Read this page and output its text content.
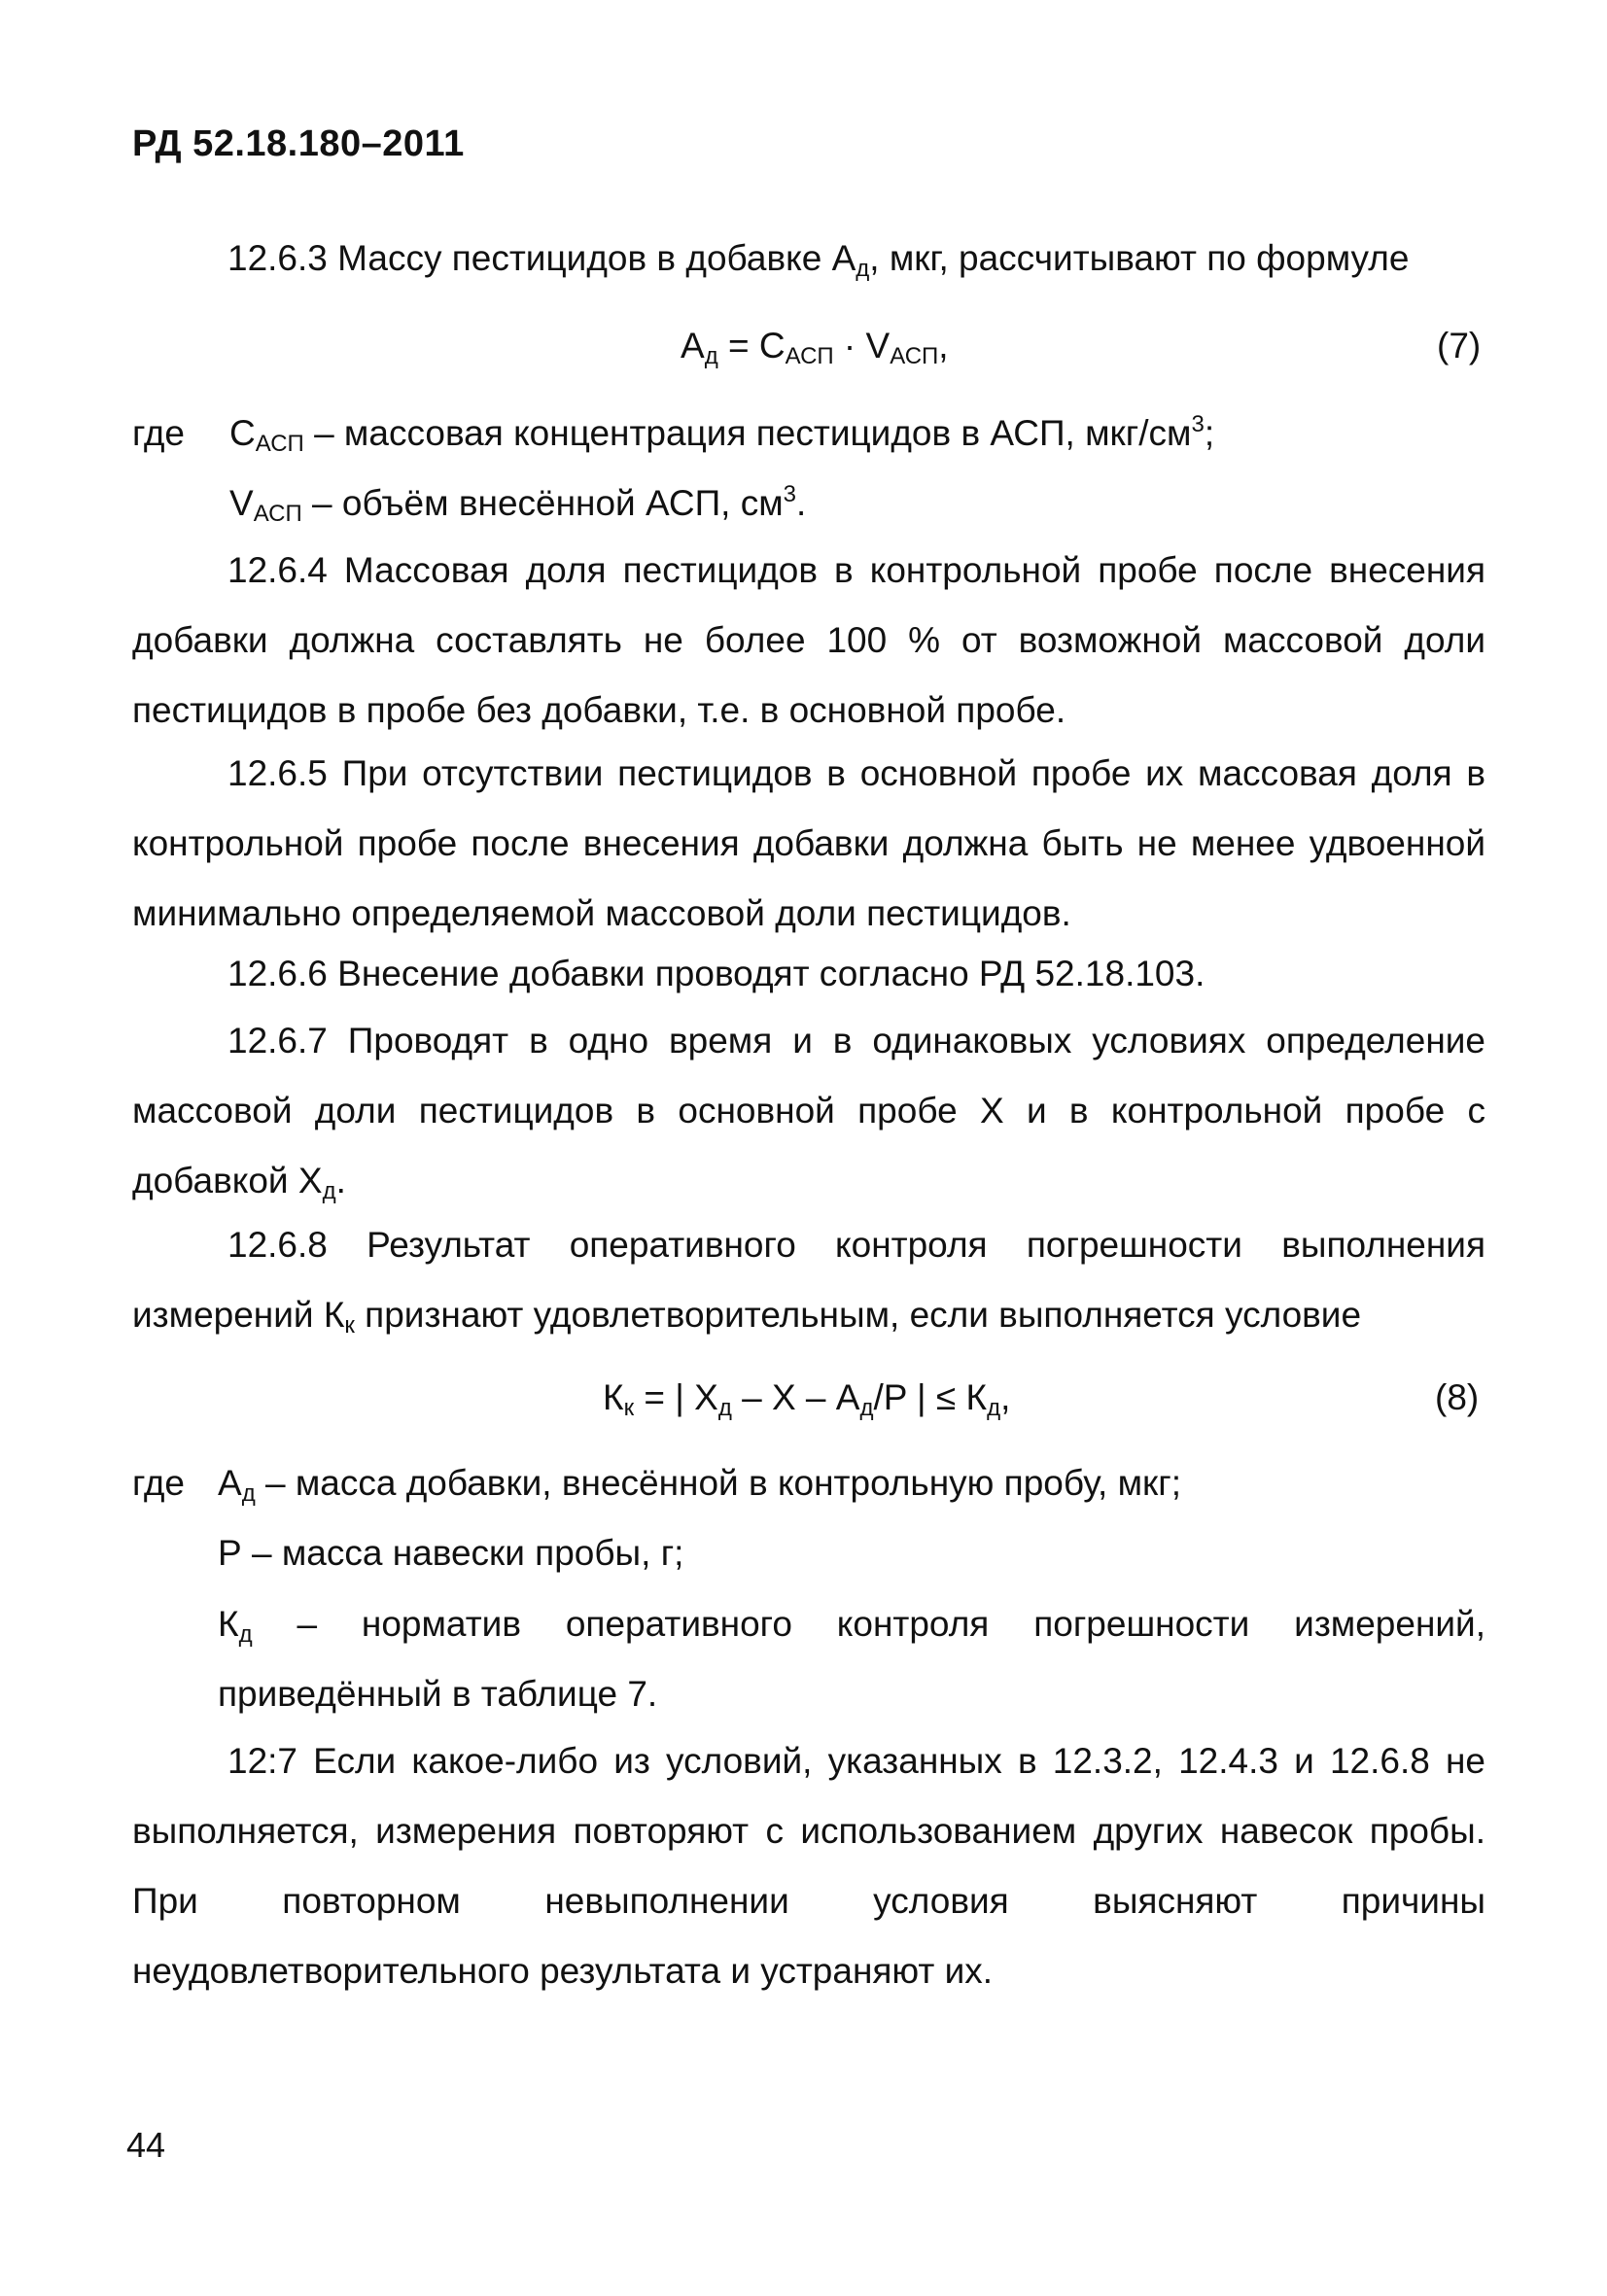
РД 52.18.180–2011
12.6.3 Массу пестицидов в добавке $А_д$, мкг, рассчитывают по формуле
$А_д = С_{АСП} \cdot V_{АСП}$,	(7)
где $С_{АСП}$ – массовая концентрация пестицидов в АСП, мкг/$см^3$;
$V_{АСП}$ – объём внесённой АСП, $см^3$.
12.6.4 Массовая доля пестицидов в контрольной пробе после внесения добавки должна составлять не более 100 % от возможной массовой доли пестицидов в пробе без добавки, т.е. в основной пробе.
12.6.5 При отсутствии пестицидов в основной пробе их массовая доля в контрольной пробе после внесения добавки должна быть не менее удвоенной минимально определяемой массовой доли пестицидов.
12.6.6 Внесение добавки проводят согласно РД 52.18.103.
12.6.7 Проводят в одно время и в одинаковых условиях определение массовой доли пестицидов в основной пробе X и в контрольной пробе с добавкой $X_д$.
12.6.8 Результат оперативного контроля погрешности выполнения измерений $К_к$ признают удовлетворительным, если выполняется условие
$К_к$ = | $X_д$ – X – $А_д/P$ | ≤ $К_д$,	(8)
где $А_д$ – масса добавки, внесённой в контрольную пробу, мкг;
Р – масса навески пробы, г;
$К_д$ – норматив оперативного контроля погрешности измерений, приведённый в таблице 7.
12:7 Если какое-либо из условий, указанных в 12.3.2, 12.4.3 и 12.6.8 не выполняется, измерения повторяют с использованием других навесок пробы. При повторном невыполнении условия выясняют причины неудовлетворительного результата и устраняют их.
44
